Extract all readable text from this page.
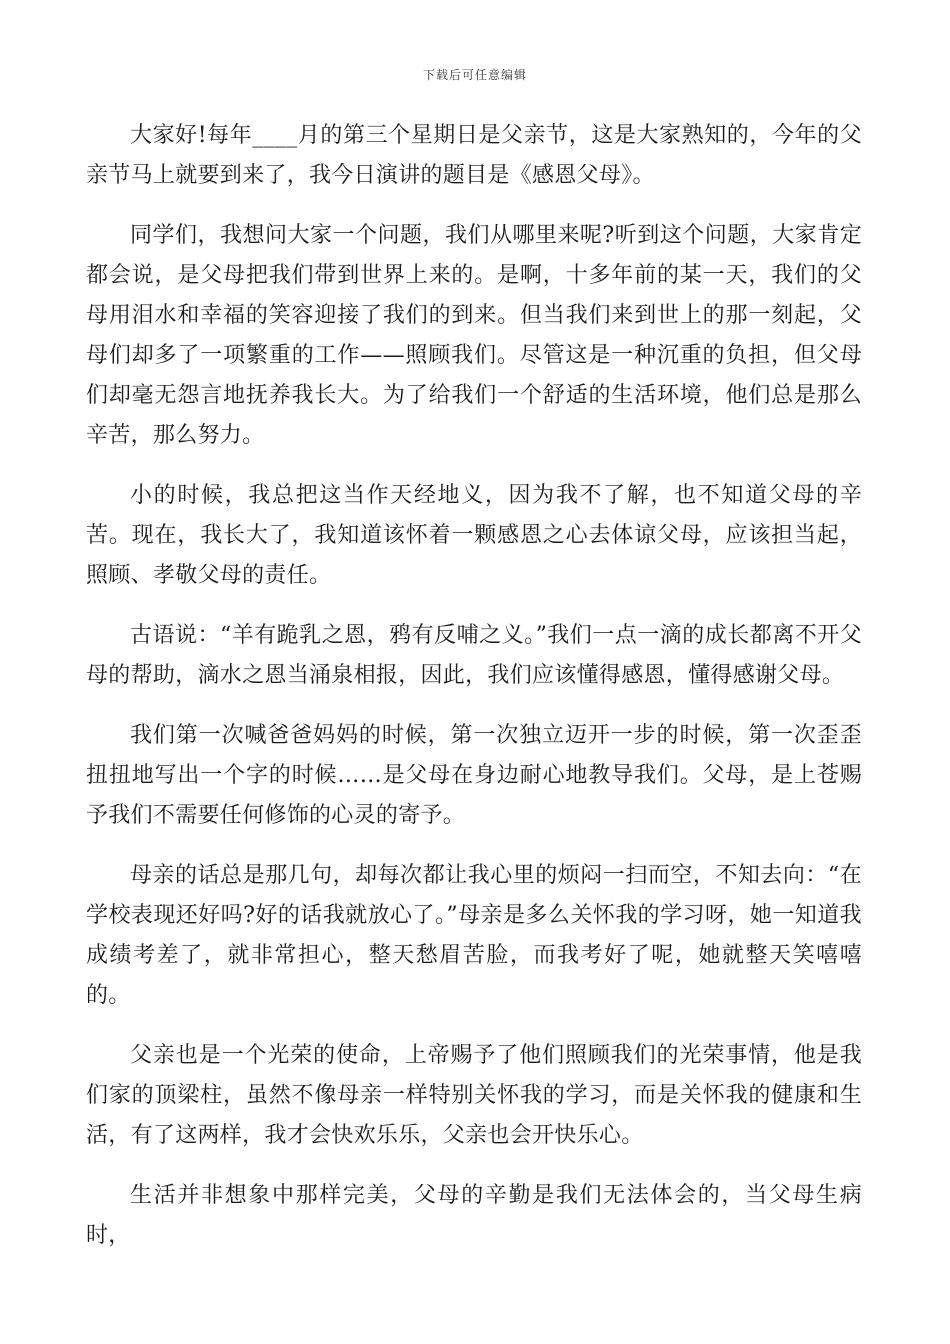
下载后可任意编辑

大家好!每年____月的第三个星期日是父亲节，这是大家熟知的，今年的父亲节马上就要到来了，我今日演讲的题目是《感恩父母》。

同学们，我想问大家一个问题，我们从哪里来呢?听到这个问题，大家肯定都会说，是父母把我们带到世界上来的。是啊，十多年前的某一天，我们的父母用泪水和幸福的笑容迎接了我们的到来。但当我们来到世上的那一刻起，父母们却多了一项繁重的工作——照顾我们。尽管这是一种沉重的负担，但父母们却毫无怨言地抚养我长大。为了给我们一个舒适的生活环境，他们总是那么辛苦，那么努力。

小的时候，我总把这当作天经地义，因为我不了解，也不知道父母的辛苦。现在，我长大了，我知道该怀着一颗感恩之心去体谅父母，应该担当起，照顾、孝敬父母的责任。

古语说：“羊有跪乳之恩，鸦有反哺之义。”我们一点一滴的成长都离不开父母的帮助，滴水之恩当涌泉相报，因此，我们应该懂得感恩，懂得感谢父母。

我们第一次喊爸爸妈妈的时候，第一次独立迈开一步的时候，第一次歪歪扭扭地写出一个字的时候……是父母在身边耐心地教导我们。父母，是上苍赐予我们不需要任何修饰的心灵的寄予。

母亲的话总是那几句，却每次都让我心里的烦闷一扫而空，不知去向：“在学校表现还好吗?好的话我就放心了。”母亲是多么关怀我的学习呀，她一知道我成绩考差了，就非常担心，整天愁眉苦脸，而我考好了呢，她就整天笑嘻嘻的。

父亲也是一个光荣的使命，上帝赐予了他们照顾我们的光荣事情，他是我们家的顶梁柱，虽然不像母亲一样特别关怀我的学习，而是关怀我的健康和生活，有了这两样，我才会快欢乐乐，父亲也会开快乐心。

生活并非想象中那样完美，父母的辛勤是我们无法体会的，当父母生病时，
